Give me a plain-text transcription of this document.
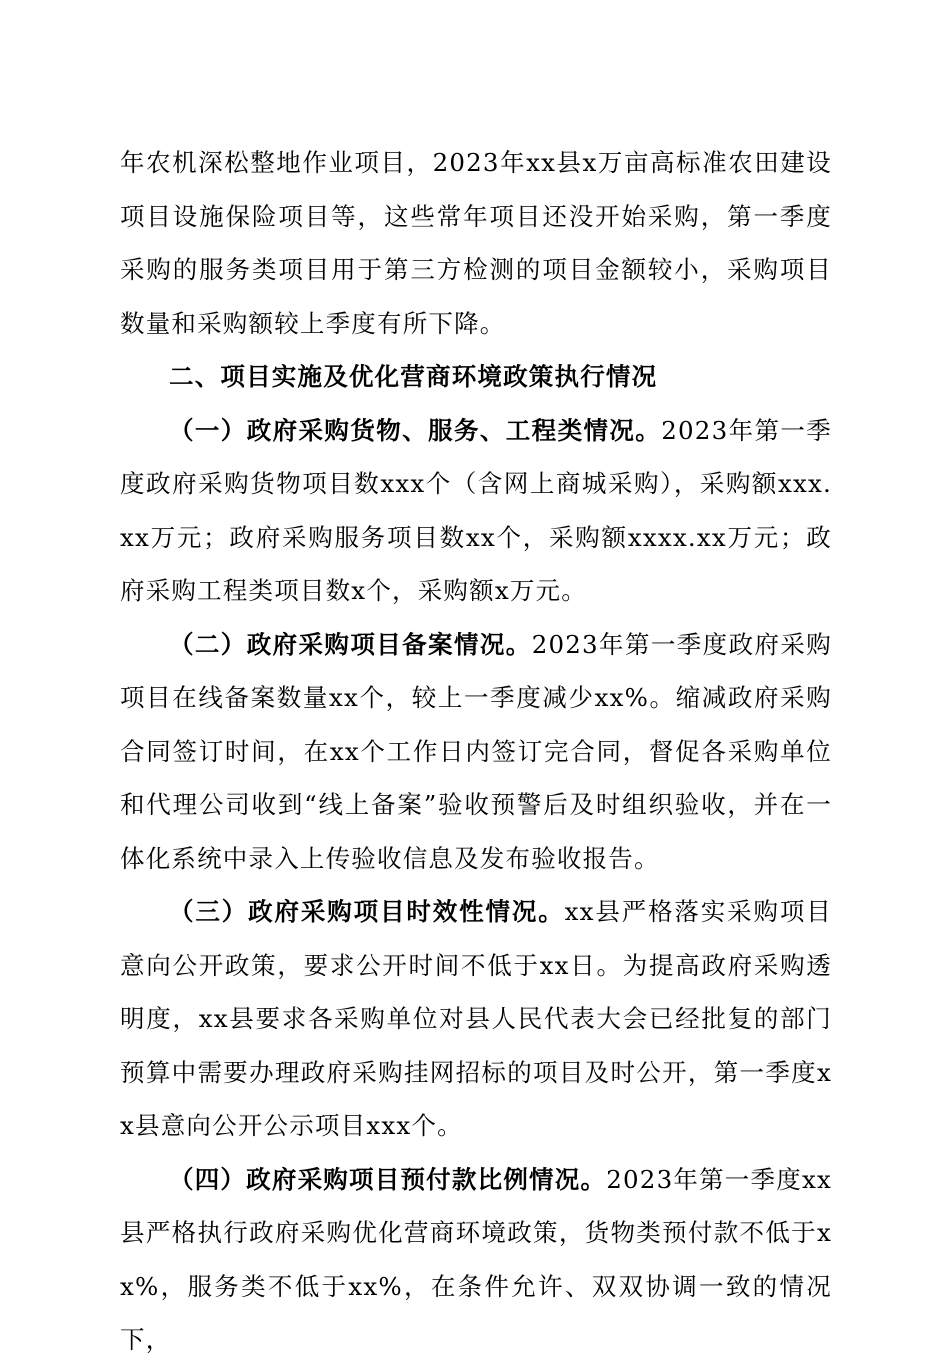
年农机深松整地作业项目，2023年xx县x万亩高标准农田建设项目设施保险项目等，这些常年项目还没开始采购，第一季度采购的服务类项目用于第三方检测的项目金额较小，采购项目数量和采购额较上季度有所下降。

二、项目实施及优化营商环境政策执行情况

（一）政府采购货物、服务、工程类情况。2023年第一季度政府采购货物项目数xxx个（含网上商城采购），采购额xxx.xx万元；政府采购服务项目数xx个，采购额xxxx.xx万元；政府采购工程类项目数x个，采购额x万元。

（二）政府采购项目备案情况。2023年第一季度政府采购项目在线备案数量xx个，较上一季度减少xx%。缩减政府采购合同签订时间，在xx个工作日内签订完合同，督促各采购单位和代理公司收到“线上备案”验收预警后及时组织验收，并在一体化系统中录入上传验收信息及发布验收报告。

（三）政府采购项目时效性情况。xx县严格落实采购项目意向公开政策，要求公开时间不低于xx日。为提高政府采购透明度，xx县要求各采购单位对县人民代表大会已经批复的部门预算中需要办理政府采购挂网招标的项目及时公开，第一季度xx县意向公开公示项目xxx个。

（四）政府采购项目预付款比例情况。2023年第一季度xx县严格执行政府采购优化营商环境政策，货物类预付款不低于xx%，服务类不低于xx%，在条件允许、双双协调一致的情况下，
